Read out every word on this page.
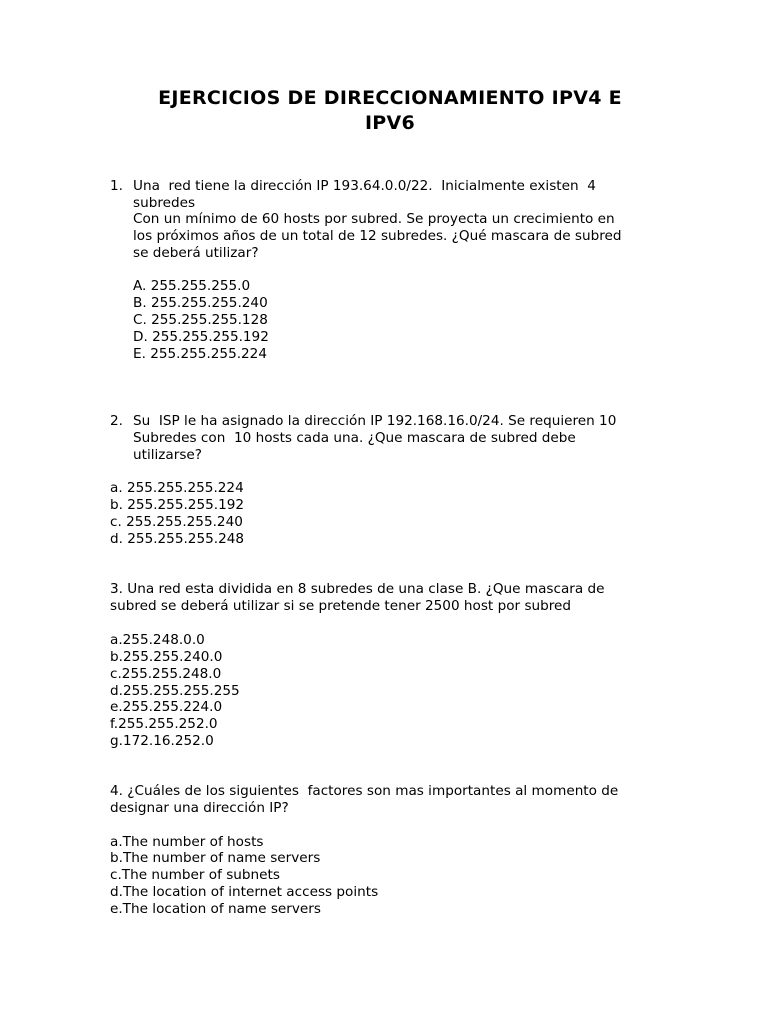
EJERCICIOS DE DIRECCIONAMIENTO IPV4 E
IPV6
1. Una  red tiene la dirección IP 193.64.0.0/22.  Inicialmente existen  4
subredes
Con un mínimo de 60 hosts por subred. Se proyecta un crecimiento en
los próximos años de un total de 12 subredes. ¿Qué mascara de subred
se deberá utilizar?
A. 255.255.255.0
B. 255.255.255.240
C. 255.255.255.128
D. 255.255.255.192
E. 255.255.255.224
2. Su  ISP le ha asignado la dirección IP 192.168.16.0/24. Se requieren 10
Subredes con  10 hosts cada una. ¿Que mascara de subred debe
utilizarse?
a. 255.255.255.224
b. 255.255.255.192
c. 255.255.255.240
d. 255.255.255.248
3. Una red esta dividida en 8 subredes de una clase B. ¿Que mascara de
subred se deberá utilizar si se pretende tener 2500 host por subred
a.255.248.0.0
b.255.255.240.0
c.255.255.248.0
d.255.255.255.255
e.255.255.224.0
f.255.255.252.0
g.172.16.252.0
4. ¿Cuáles de los siguientes  factores son mas importantes al momento de
designar una dirección IP?
a.The number of hosts
b.The number of name servers
c.The number of subnets
d.The location of internet access points
e.The location of name servers
